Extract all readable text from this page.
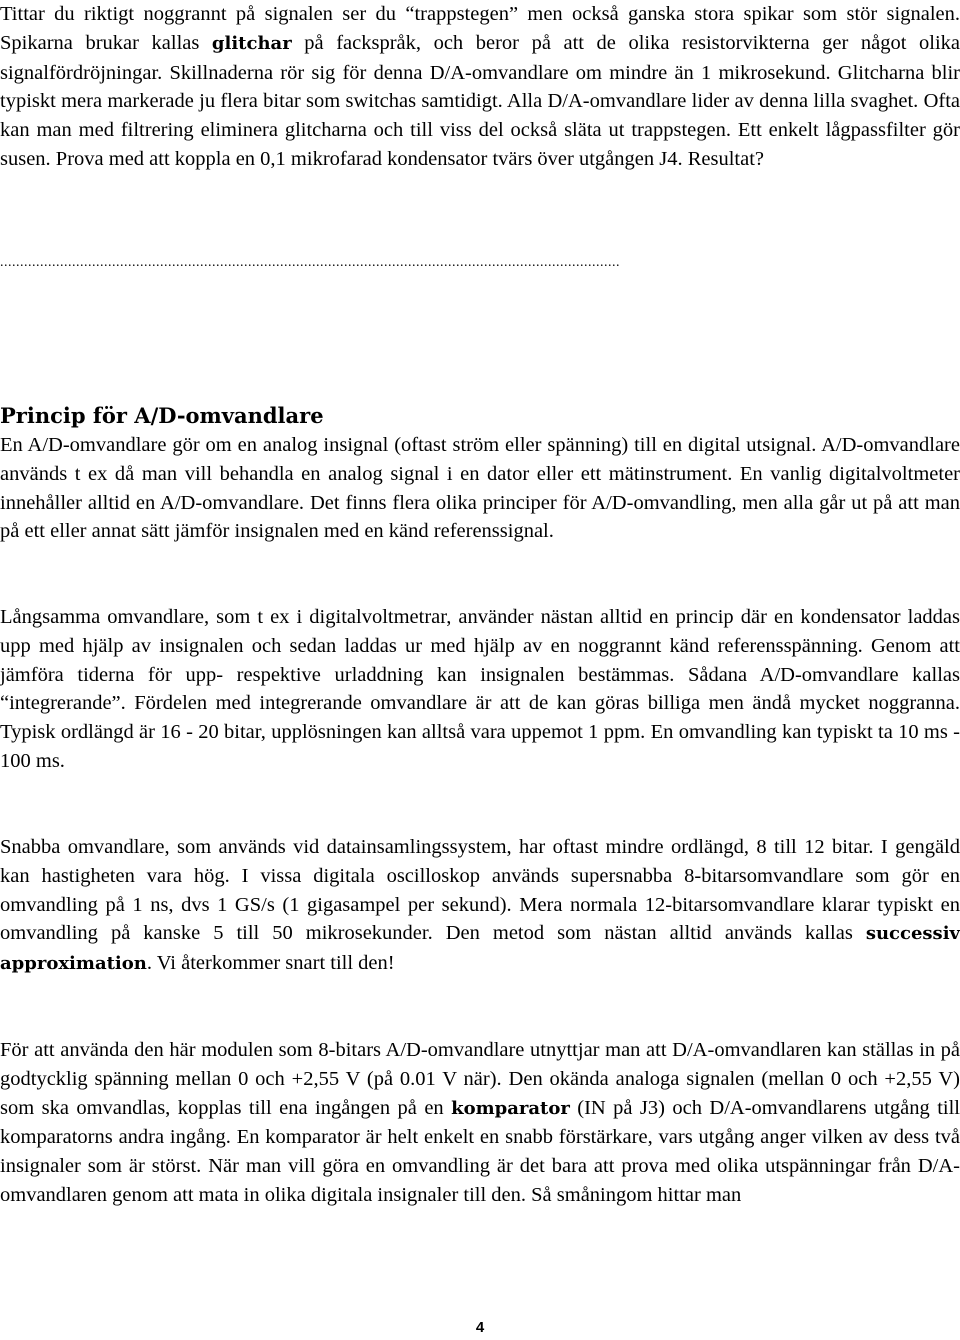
Tittar du riktigt noggrannt på signalen ser du “trappstegen” men också ganska stora spikar som stör signalen. Spikarna brukar kallas glitchar på fackspråk, och beror på att de olika resistorvikterna ger något olika signalfördröjningar. Skillnaderna rör sig för denna D/A-omvandlare om mindre än 1 mikrosekund. Glitcharna blir typiskt mera markerade ju flera bitar som switchas samtidigt. Alla D/A-omvandlare lider av denna lilla svaghet. Ofta kan man med filtrering eliminera glitcharna och till viss del också släta ut trappstegen. Ett enkelt lågpassfilter gör susen. Prova med att koppla en 0,1 mikrofarad kondensator tvärs över utgången J4. Resultat?

...........................................................................................................................................................
Princip för A/D-omvandlare

En A/D-omvandlare gör om en analog insignal (oftast ström eller spänning) till en digital utsignal. A/D-omvandlare används t ex då man vill behandla en analog signal i en dator eller ett mätinstrument. En vanlig digitalvoltmeter innehåller alltid en A/D-omvandlare. Det finns flera olika principer för A/D-omvandling, men alla går ut på att man på ett eller annat sätt jämför insignalen med en känd referenssignal.

Långsamma omvandlare, som t ex i digitalvoltmetrar, använder nästan alltid en princip där en kondensator laddas upp med hjälp av insignalen och sedan laddas ur med hjälp av en noggrannt känd referensspänning. Genom att jämföra tiderna för upp- respektive urladdning kan insignalen bestämmas. Sådana A/D-omvandlare kallas “integrerande”. Fördelen med integrerande omvandlare är att de kan göras billiga men ändå mycket noggranna. Typisk ordlängd är 16 - 20 bitar, upplösningen kan alltså vara uppemot 1 ppm. En omvandling kan typiskt ta 10 ms - 100 ms.

Snabba omvandlare, som används vid datainsamlingssystem, har oftast mindre ordlängd, 8 till 12 bitar. I gengäld kan hastigheten vara hög. I vissa digitala oscilloskop används supersnabba 8-bitarsomvandlare som gör en omvandling på 1 ns, dvs 1 GS/s (1 gigasampel per sekund). Mera normala 12-bitarsomvandlare klarar typiskt en omvandling på kanske 5 till 50 mikrosekunder. Den metod som nästan alltid används kallas successiv approximation. Vi återkommer snart till den!

För att använda den här modulen som 8-bitars A/D-omvandlare utnyttjar man att D/A-omvandlaren kan ställas in på godtycklig spänning mellan 0 och +2,55 V (på 0.01 V när). Den okända analoga signalen (mellan 0 och +2,55 V) som ska omvandlas, kopplas till ena ingången på en komparator (IN på J3) och D/A-omvandlarens utgång till komparatorns andra ingång. En komparator är helt enkelt en snabb förstärkare, vars utgång anger vilken av dess två insignaler som är störst. När man vill göra en omvandling är det bara att prova med olika utspänningar från D/A-omvandlaren genom att mata in olika digitala insignaler till den. Så småningom hittar man

4
